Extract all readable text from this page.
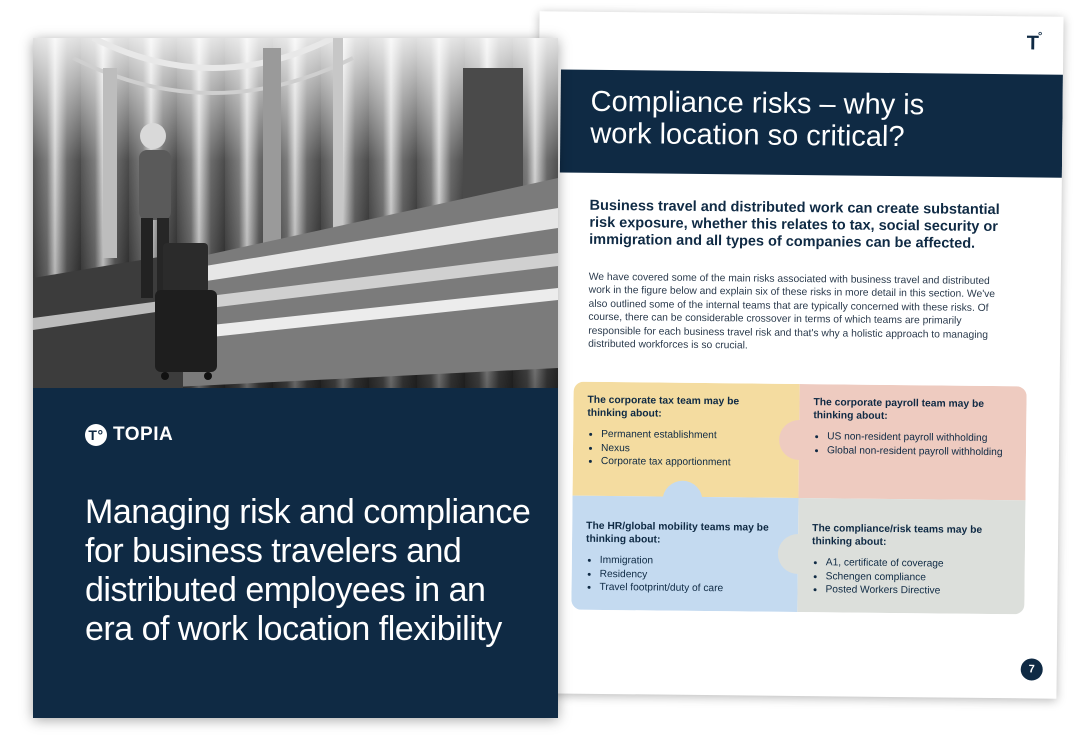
T°
Compliance risks – why is work location so critical?
Business travel and distributed work can create substantial risk exposure, whether this relates to tax, social security or immigration and all types of companies can be affected.
We have covered some of the main risks associated with business travel and distributed work in the figure below and explain six of these risks in more detail in this section. We've also outlined some of the internal teams that are typically concerned with these risks. Of course, there can be considerable crossover in terms of which teams are primarily responsible for each business travel risk and that's why a holistic approach to managing distributed workforces is so crucial.
The corporate tax team may be thinking about:
• Permanent establishment
• Nexus
• Corporate tax apportionment
The corporate payroll team may be thinking about:
• US non-resident payroll withholding
• Global non-resident payroll withholding
The HR/global mobility teams may be thinking about:
• Immigration
• Residency
• Travel footprint/duty of care
The compliance/risk teams may be thinking about:
• A1, certificate of coverage
• Schengen compliance
• Posted Workers Directive
7
T° TOPIA
Managing risk and compliance for business travelers and distributed employees in an era of work location flexibility
